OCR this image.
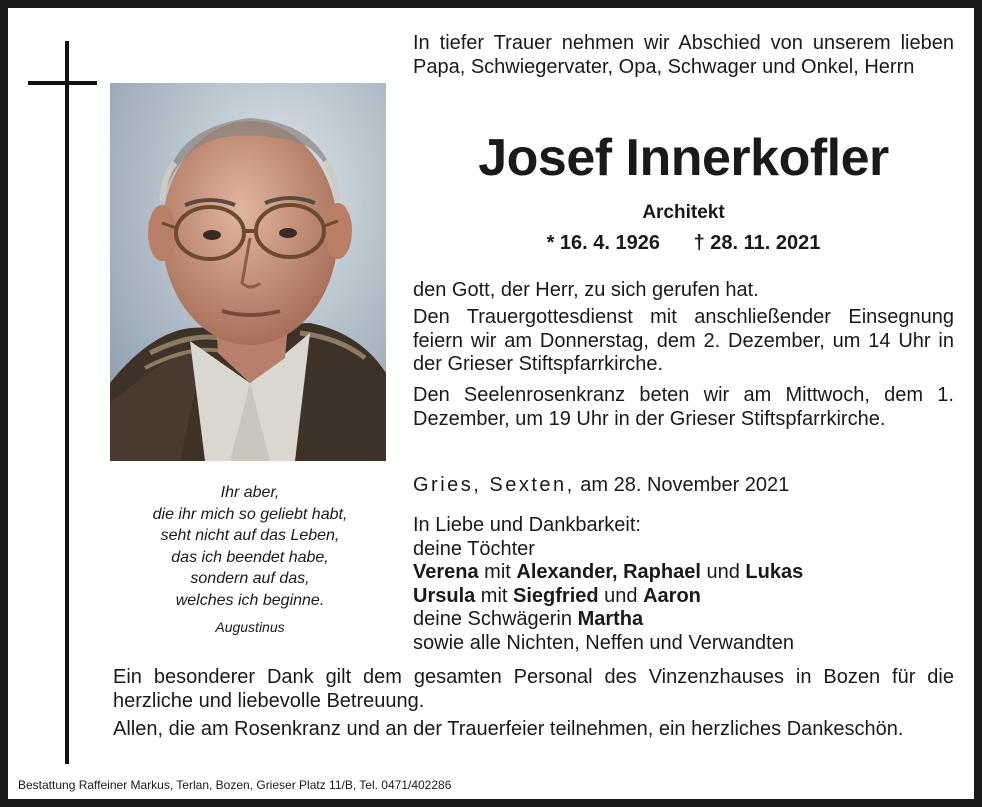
Ihr aber,
die ihr mich so geliebt habt,
seht nicht auf das Leben,
das ich beendet habe,
sondern auf das,
welches ich beginne.
Augustinus
In tiefer Trauer nehmen wir Abschied von unserem lieben Papa, Schwiegervater, Opa, Schwager und Onkel, Herrn
Josef Innerkofler
Architekt
* 16. 4. 1926 † 28. 11. 2021
den Gott, der Herr, zu sich gerufen hat.
Den Trauergottesdienst mit anschließender Einsegnung feiern wir am Donnerstag, dem 2. Dezember, um 14 Uhr in der Grieser Stiftspfarrkirche.
Den Seelenrosenkranz beten wir am Mittwoch, dem 1. Dezember, um 19 Uhr in der Grieser Stiftspfarrkirche.
Gries, Sexten, am 28. November 2021
In Liebe und Dankbarkeit:
deine Töchter
Verena mit Alexander, Raphael und Lukas
Ursula mit Siegfried und Aaron
deine Schwägerin Martha
sowie alle Nichten, Neffen und Verwandten
Ein besonderer Dank gilt dem gesamten Personal des Vinzenzhauses in Bozen für die herzliche und liebevolle Betreuung.
Allen, die am Rosenkranz und an der Trauerfeier teilnehmen, ein herzliches Dankeschön.
Bestattung Raffeiner Markus, Terlan, Bozen, Grieser Platz 11/B, Tel. 0471/402286
